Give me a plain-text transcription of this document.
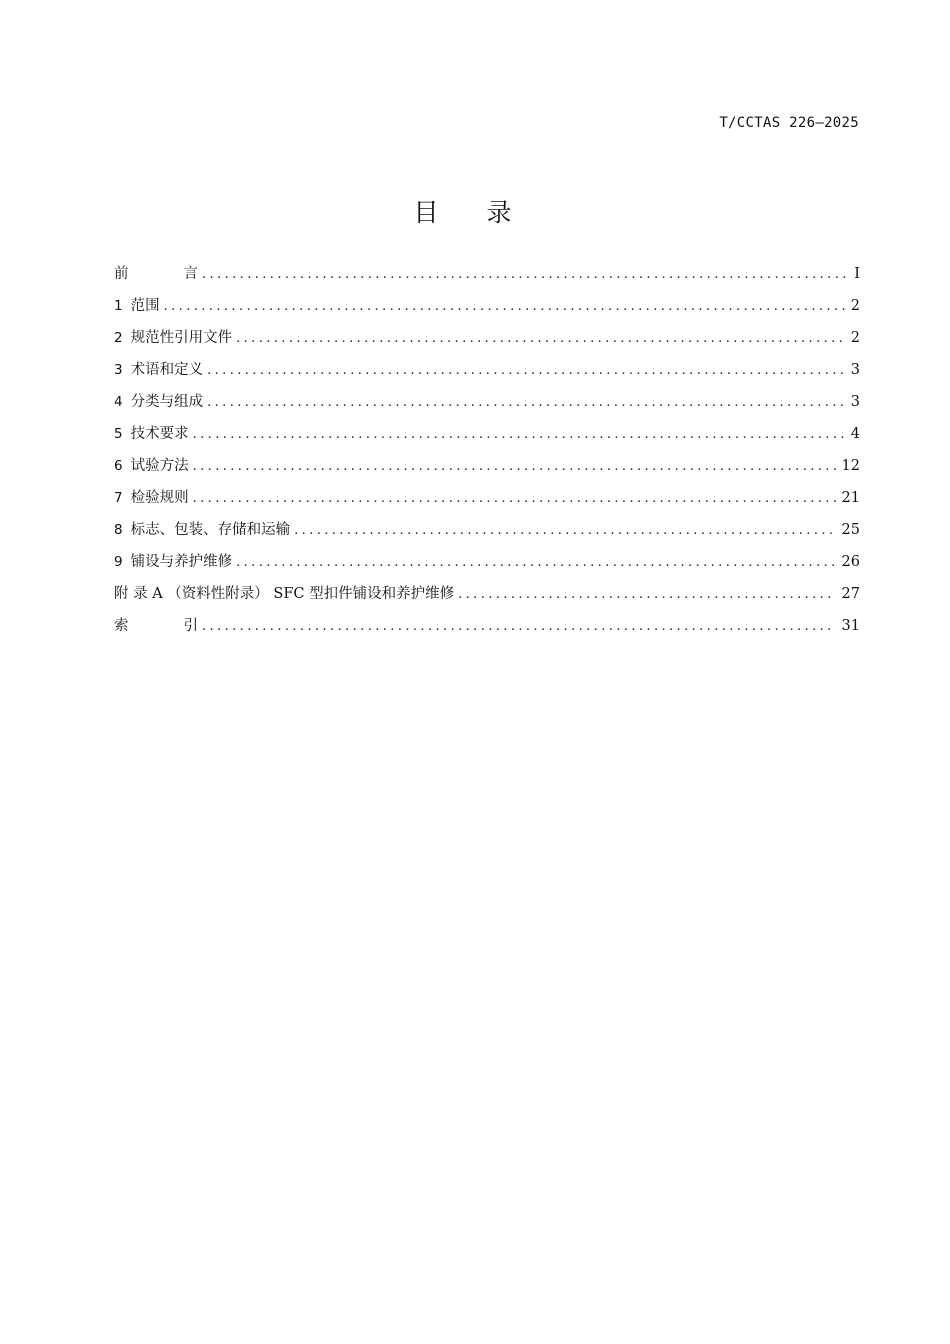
T/CCTAS 226—2025
目录
前	言 .....	I
1 范围 .....	2
2 规范性引用文件 .....	2
3 术语和定义 .....	3
4 分类与组成 .....	3
5 技术要求 .....	4
6 试验方法 .....	12
7 检验规则 .....	21
8 标志、包装、存储和运输 .....	25
9 铺设与养护维修 .....	26
附 录 A （资料性附录） SFC 型扣件铺设和养护维修 .....	27
索	引 .....	31
